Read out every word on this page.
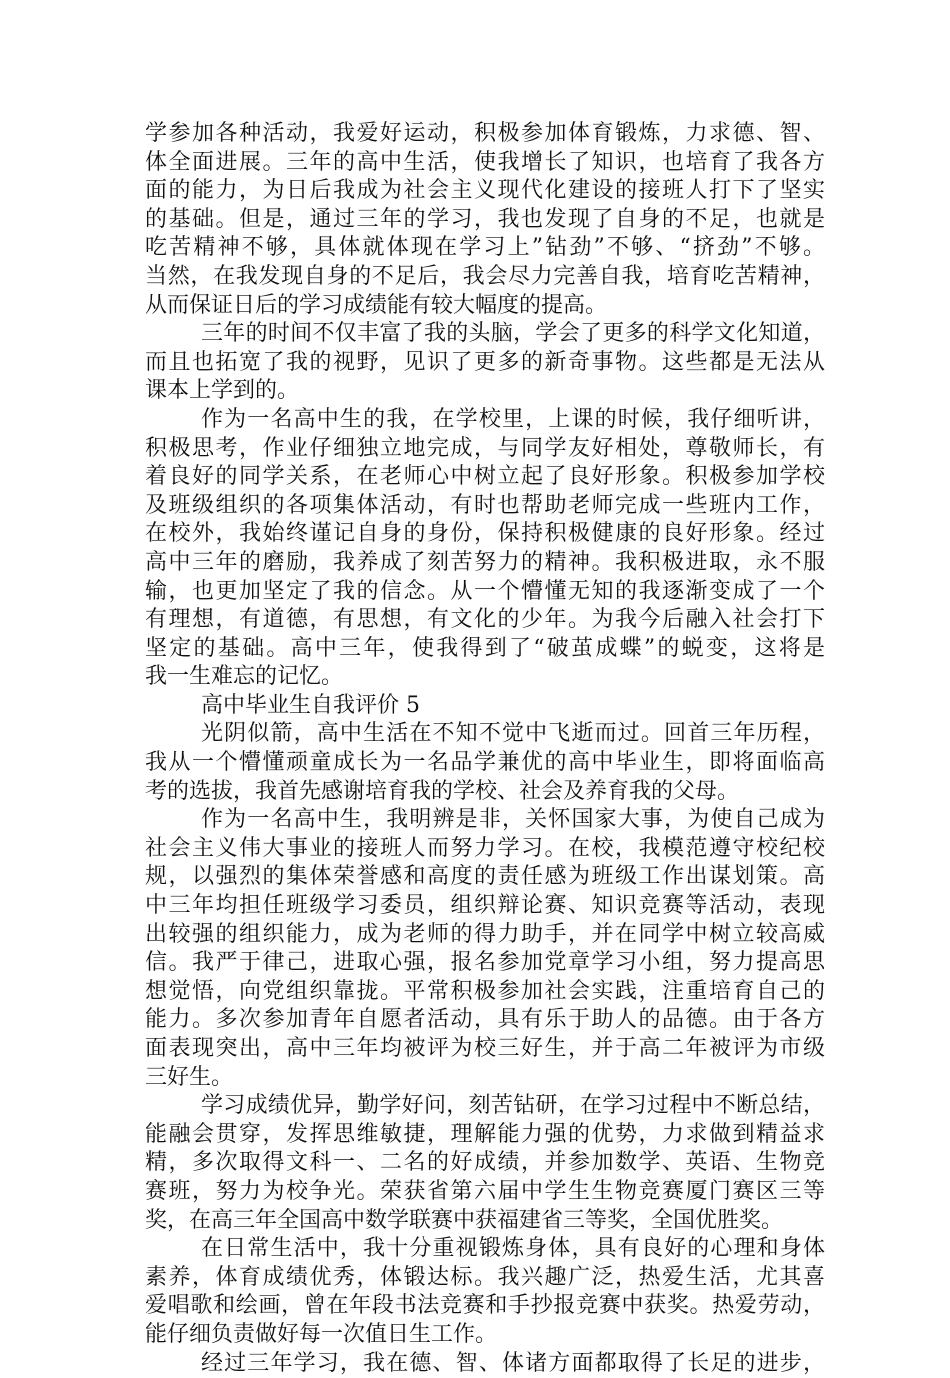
学参加各种活动，我爱好运动，积极参加体育锻炼，力求德、智、
体全面进展。三年的高中生活，使我增长了知识，也培育了我各方
面的能力，为日后我成为社会主义现代化建设的接班人打下了坚实
的基础。但是，通过三年的学习，我也发现了自身的不足，也就是
吃苦精神不够，具体就体现在学习上”钻劲”不够、“挤劲”不够。
当然，在我发现自身的不足后，我会尽力完善自我，培育吃苦精神，
从而保证日后的学习成绩能有较大幅度的提高。
三年的时间不仅丰富了我的头脑，学会了更多的科学文化知道，
而且也拓宽了我的视野，见识了更多的新奇事物。这些都是无法从
课本上学到的。
作为一名高中生的我，在学校里，上课的时候，我仔细听讲，
积极思考，作业仔细独立地完成，与同学友好相处，尊敬师长，有
着良好的同学关系，在老师心中树立起了良好形象。积极参加学校
及班级组织的各项集体活动，有时也帮助老师完成一些班内工作，
在校外，我始终谨记自身的身份，保持积极健康的良好形象。经过
高中三年的磨励，我养成了刻苦努力的精神。我积极进取，永不服
输，也更加坚定了我的信念。从一个懵懂无知的我逐渐变成了一个
有理想，有道德，有思想，有文化的少年。为我今后融入社会打下
坚定的基础。高中三年，使我得到了“破茧成蝶”的蜕变，这将是
我一生难忘的记忆。
高中毕业生自我评价 5
光阴似箭，高中生活在不知不觉中飞逝而过。回首三年历程，
我从一个懵懂顽童成长为一名品学兼优的高中毕业生，即将面临高
考的选拔，我首先感谢培育我的学校、社会及养育我的父母。
作为一名高中生，我明辨是非，关怀国家大事，为使自己成为
社会主义伟大事业的接班人而努力学习。在校，我模范遵守校纪校
规，以强烈的集体荣誉感和高度的责任感为班级工作出谋划策。高
中三年均担任班级学习委员，组织辩论赛、知识竞赛等活动，表现
出较强的组织能力，成为老师的得力助手，并在同学中树立较高威
信。我严于律己，进取心强，报名参加党章学习小组，努力提高思
想觉悟，向党组织靠拢。平常积极参加社会实践，注重培育自己的
能力。多次参加青年自愿者活动，具有乐于助人的品德。由于各方
面表现突出，高中三年均被评为校三好生，并于高二年被评为市级
三好生。
学习成绩优异，勤学好问，刻苦钻研，在学习过程中不断总结，
能融会贯穿，发挥思维敏捷，理解能力强的优势，力求做到精益求
精，多次取得文科一、二名的好成绩，并参加数学、英语、生物竞
赛班，努力为校争光。荣获省第六届中学生生物竞赛厦门赛区三等
奖，在高三年全国高中数学联赛中获福建省三等奖，全国优胜奖。
在日常生活中，我十分重视锻炼身体，具有良好的心理和身体
素养，体育成绩优秀，体锻达标。我兴趣广泛，热爱生活，尤其喜
爱唱歌和绘画，曾在年段书法竞赛和手抄报竞赛中获奖。热爱劳动，
能仔细负责做好每一次值日生工作。
经过三年学习，我在德、智、体诸方面都取得了长足的进步，
